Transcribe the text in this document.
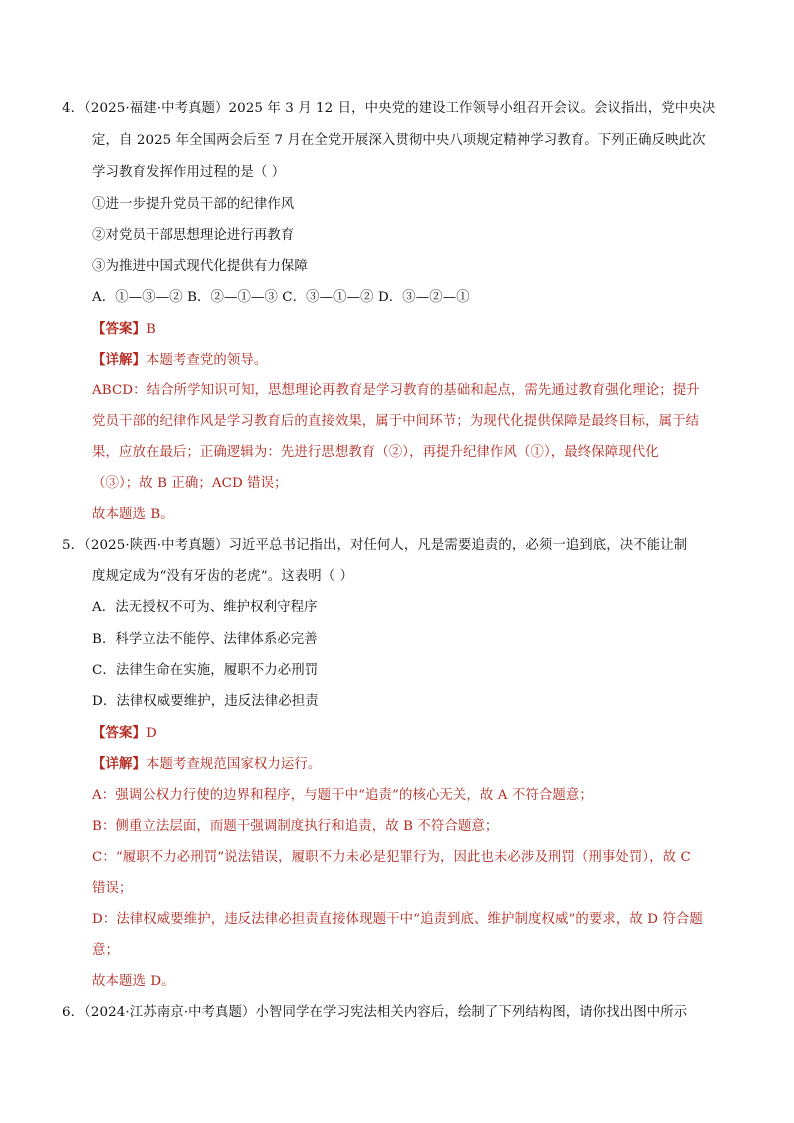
4．（2025·福建·中考真题）2025 年 3 月 12 日，中央党的建设工作领导小组召开会议。会议指出，党中央决
定，自 2025 年全国两会后至 7 月在全党开展深入贯彻中央八项规定精神学习教育。下列正确反映此次
学习教育发挥作用过程的是（ ）
①进一步提升党员干部的纪律作风
②对党员干部思想理论进行再教育
③为推进中国式现代化提供有力保障
A．①—③—② B．②—①—③ C．③—①—② D．③—②—①
【答案】B
【详解】本题考查党的领导。
ABCD：结合所学知识可知，思想理论再教育是学习教育的基础和起点，需先通过教育强化理论；提升
党员干部的纪律作风是学习教育后的直接效果，属于中间环节；为现代化提供保障是最终目标，属于结
果，应放在最后；正确逻辑为：先进行思想教育（②），再提升纪律作风（①），最终保障现代化
（③）；故 B 正确；ACD 错误；
故本题选 B。
5．（2025·陕西·中考真题）习近平总书记指出，对任何人，凡是需要追责的，必须一追到底，决不能让制
度规定成为“没有牙齿的老虎”。这表明（ ）
A．法无授权不可为、维护权利守程序
B．科学立法不能停、法律体系必完善
C．法律生命在实施，履职不力必刑罚
D．法律权威要维护，违反法律必担责
【答案】D
【详解】本题考查规范国家权力运行。
A：强调公权力行使的边界和程序，与题干中“追责”的核心无关，故 A 不符合题意；
B：侧重立法层面，而题干强调制度执行和追责，故 B 不符合题意；
C：“履职不力必刑罚”说法错误，履职不力未必是犯罪行为，因此也未必涉及刑罚（刑事处罚），故 C
错误；
D：法律权威要维护，违反法律必担责直接体现题干中“追责到底、维护制度权威”的要求，故 D 符合题
意；
故本题选 D。
6．（2024·江苏南京·中考真题）小智同学在学习宪法相关内容后，绘制了下列结构图，请你找出图中所示
